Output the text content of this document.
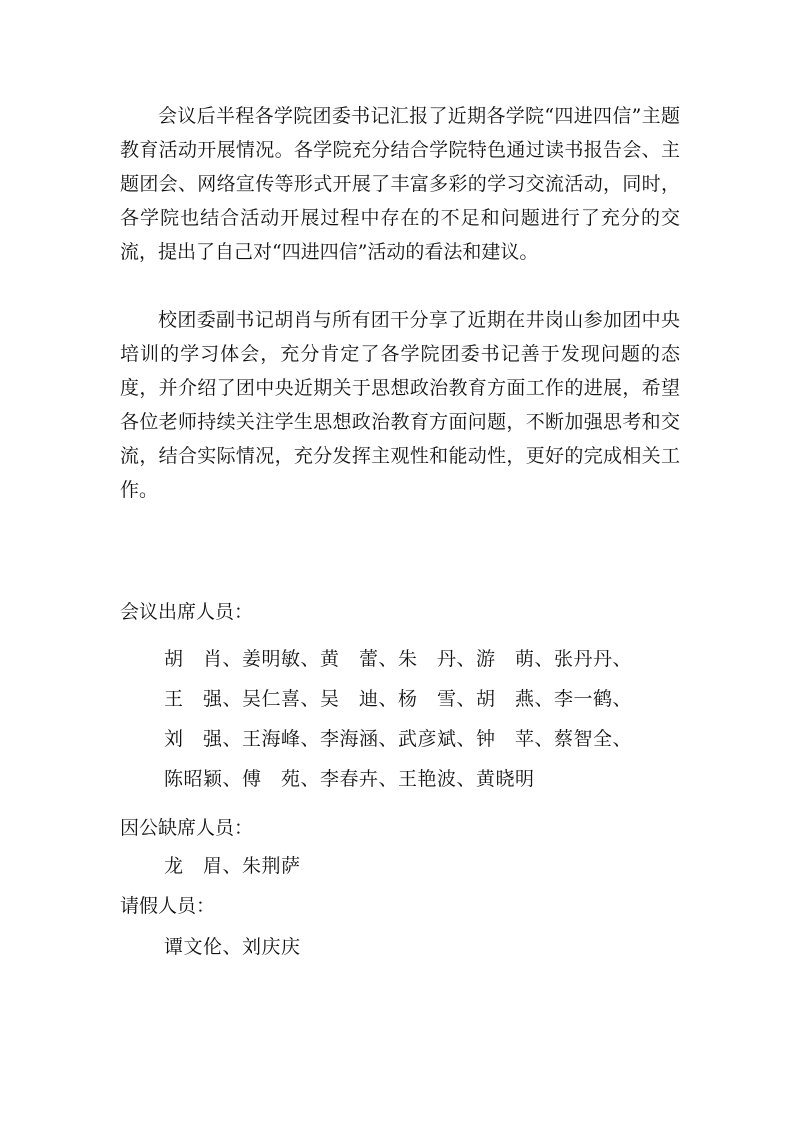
会议后半程各学院团委书记汇报了近期各学院“四进四信”主题教育活动开展情况。各学院充分结合学院特色通过读书报告会、主题团会、网络宣传等形式开展了丰富多彩的学习交流活动，同时，各学院也结合活动开展过程中存在的不足和问题进行了充分的交流，提出了自己对“四进四信”活动的看法和建议。

校团委副书记胡肖与所有团干分享了近期在井岗山参加团中央培训的学习体会，充分肯定了各学院团委书记善于发现问题的态度，并介绍了团中央近期关于思想政治教育方面工作的进展，希望各位老师持续关注学生思想政治教育方面问题，不断加强思考和交流，结合实际情况，充分发挥主观性和能动性，更好的完成相关工作。

会议出席人员：

胡　肖、姜明敏、黄　蕾、朱　丹、游　萌、张丹丹、

王　强、吴仁喜、吴　迪、杨　雪、胡　燕、李一鹤、

刘　强、王海峰、李海涵、武彦斌、钟　苹、蔡智全、

陈昭颖、傅　苑、李春卉、王艳波、黄晓明

因公缺席人员：

龙　眉、朱荆萨

请假人员：

谭文伦、刘庆庆
